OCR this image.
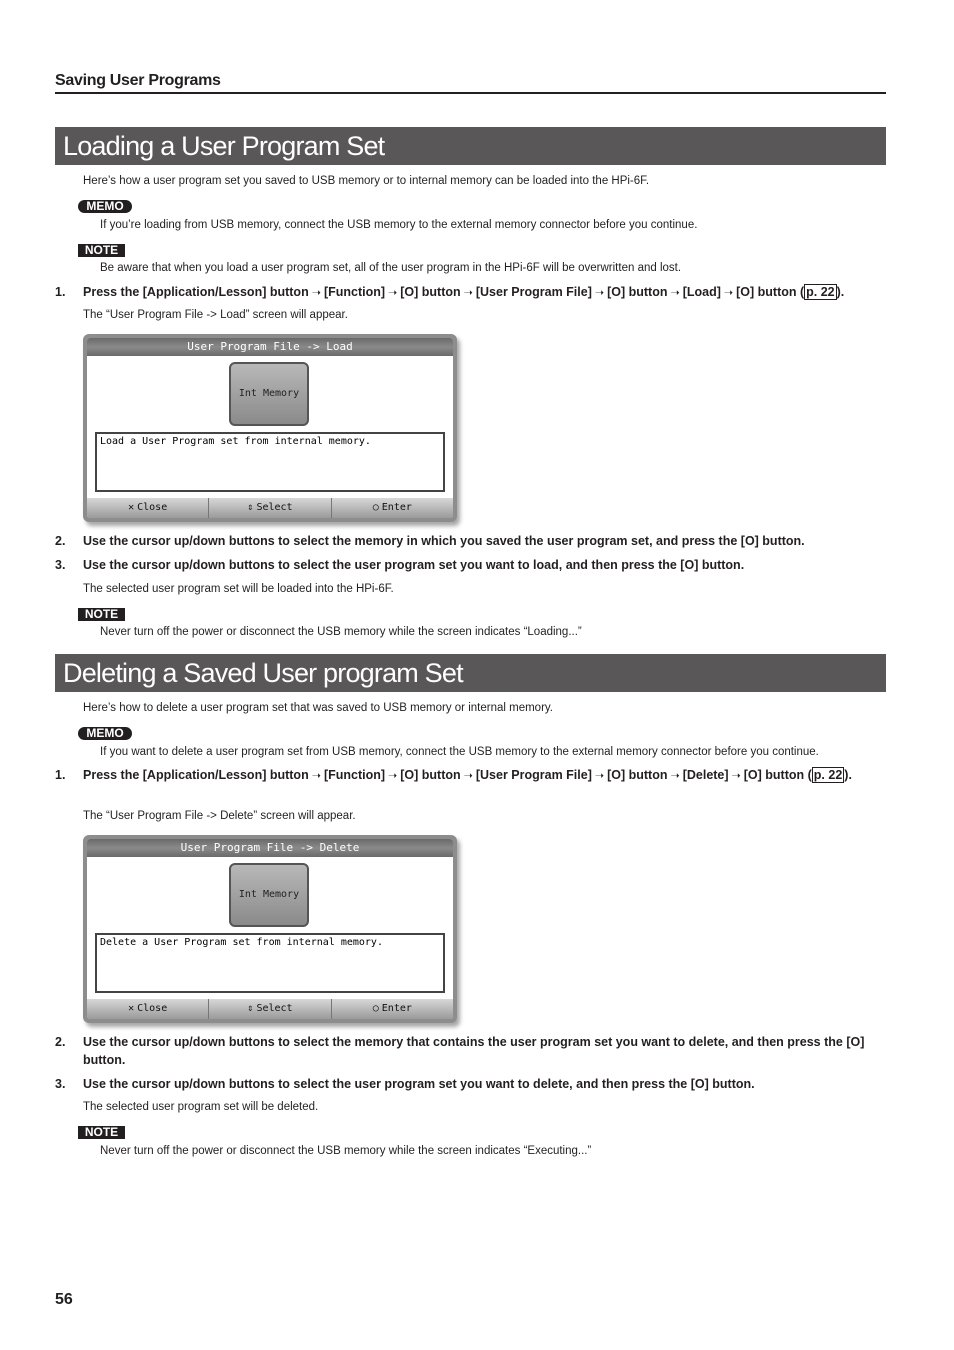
Saving User Programs
Loading a User Program Set
Here’s how a user program set you saved to USB memory or to internal memory can be loaded into the HPi-6F.
MEMO
If you’re loading from USB memory, connect the USB memory to the external memory connector before you continue.
NOTE
Be aware that when you load a user program set, all of the user program in the HPi-6F will be overwritten and lost.
1. Press the [Application/Lesson] button ➝ [Function] ➝ [O] button ➝ [User Program File] ➝ [O] button ➝ [Load] ➝ [O] button ( p. 22 ).
The “User Program File -> Load” screen will appear.
User Program File -> Load
Int Memory
Load a User Program set from internal memory.
✕ Close	⇕ Select	○ Enter
2. Use the cursor up/down buttons to select the memory in which you saved the user program set, and press the [O] button.
3. Use the cursor up/down buttons to select the user program set you want to load, and then press the [O] button.
The selected user program set will be loaded into the HPi-6F.
NOTE
Never turn off the power or disconnect the USB memory while the screen indicates “Loading...”
Deleting a Saved User program Set
Here’s how to delete a user program set that was saved to USB memory or internal memory.
MEMO
If you want to delete a user program set from USB memory, connect the USB memory to the external memory connector before you continue.
1. Press the [Application/Lesson] button ➝ [Function] ➝ [O] button ➝ [User Program File] ➝ [O] button ➝ [Delete] ➝ [O] button ( p. 22 ).
The “User Program File -> Delete” screen will appear.
User Program File -> Delete
Int Memory
Delete a User Program set from internal memory.
✕ Close	⇕ Select	○ Enter
2. Use the cursor up/down buttons to select the memory that contains the user program set you want to delete, and then press the [O] button.
3. Use the cursor up/down buttons to select the user program set you want to delete, and then press the [O] button.
The selected user program set will be deleted.
NOTE
Never turn off the power or disconnect the USB memory while the screen indicates “Executing...”
56
